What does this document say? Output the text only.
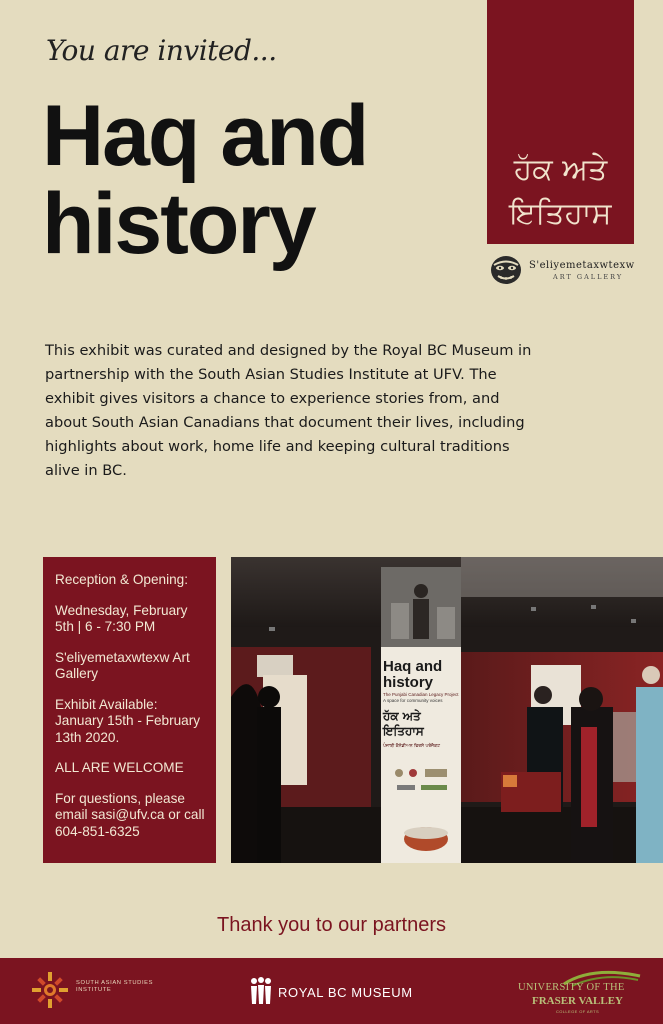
You are invited...
Haq and
history
ਹੱਕ ਅਤੇ
ਇਤਿਹਾਸ
S'eliyemetaxwtexw
ART GALLERY
This exhibit was curated and designed by the Royal BC Museum in partnership with the South Asian Studies Institute at UFV. The exhibit gives visitors a chance to experience stories from, and about South Asian Canadians that document their lives, including highlights about work, home life and keeping cultural traditions alive in BC.

Reception & Opening:

Wednesday, February 5th | 6 - 7:30 PM

S'eliyemetaxwtexw Art Gallery

Exhibit Available: January 15th - February 13th 2020.

ALL ARE WELCOME

For questions, please email sasi@ufv.ca or call 604-851-6325

Haq and
history
The Punjabi Canadian Legacy Project
A space for community voices
ਹੱਕ ਅਤੇ
ਇਤਿਹਾਸ
ਪੰਜਾਬੀ ਕੈਨੇਡੀਅਨ ਵਿਰਸੇ ਪਰੋਜੈਕਟ
Thank you to our partners
SOUTH ASIAN STUDIES INSTITUTE	ROYAL BC MUSEUM	UNIVERSITY OF THE
FRASER VALLEY
COLLEGE OF ARTS
